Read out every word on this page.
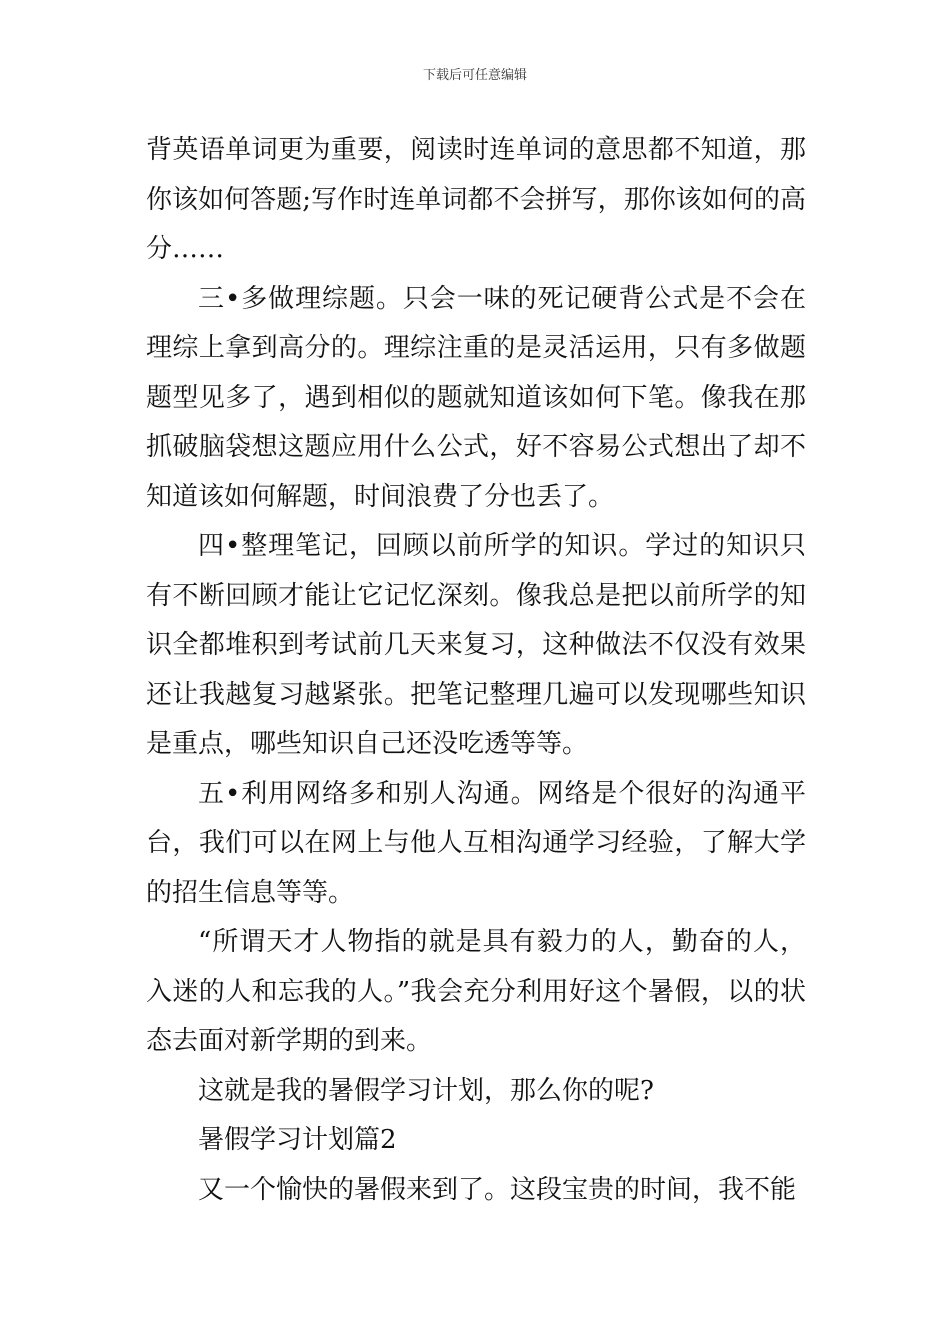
下载后可任意编辑

背英语单词更为重要，阅读时连单词的意思都不知道，那你该如何答题;写作时连单词都不会拼写，那你该如何的高分……

三•多做理综题。只会一味的死记硬背公式是不会在理综上拿到高分的。理综注重的是灵活运用，只有多做题题型见多了，遇到相似的题就知道该如何下笔。像我在那抓破脑袋想这题应用什么公式，好不容易公式想出了却不知道该如何解题，时间浪费了分也丢了。

四•整理笔记，回顾以前所学的知识。学过的知识只有不断回顾才能让它记忆深刻。像我总是把以前所学的知识全都堆积到考试前几天来复习，这种做法不仅没有效果还让我越复习越紧张。把笔记整理几遍可以发现哪些知识是重点，哪些知识自己还没吃透等等。

五•利用网络多和别人沟通。网络是个很好的沟通平台，我们可以在网上与他人互相沟通学习经验，了解大学的招生信息等等。

“所谓天才人物指的就是具有毅力的人，勤奋的人，入迷的人和忘我的人。”我会充分利用好这个暑假，以的状态去面对新学期的到来。

这就是我的暑假学习计划，那么你的呢?

暑假学习计划篇2

又一个愉快的暑假来到了。这段宝贵的时间，我不能
